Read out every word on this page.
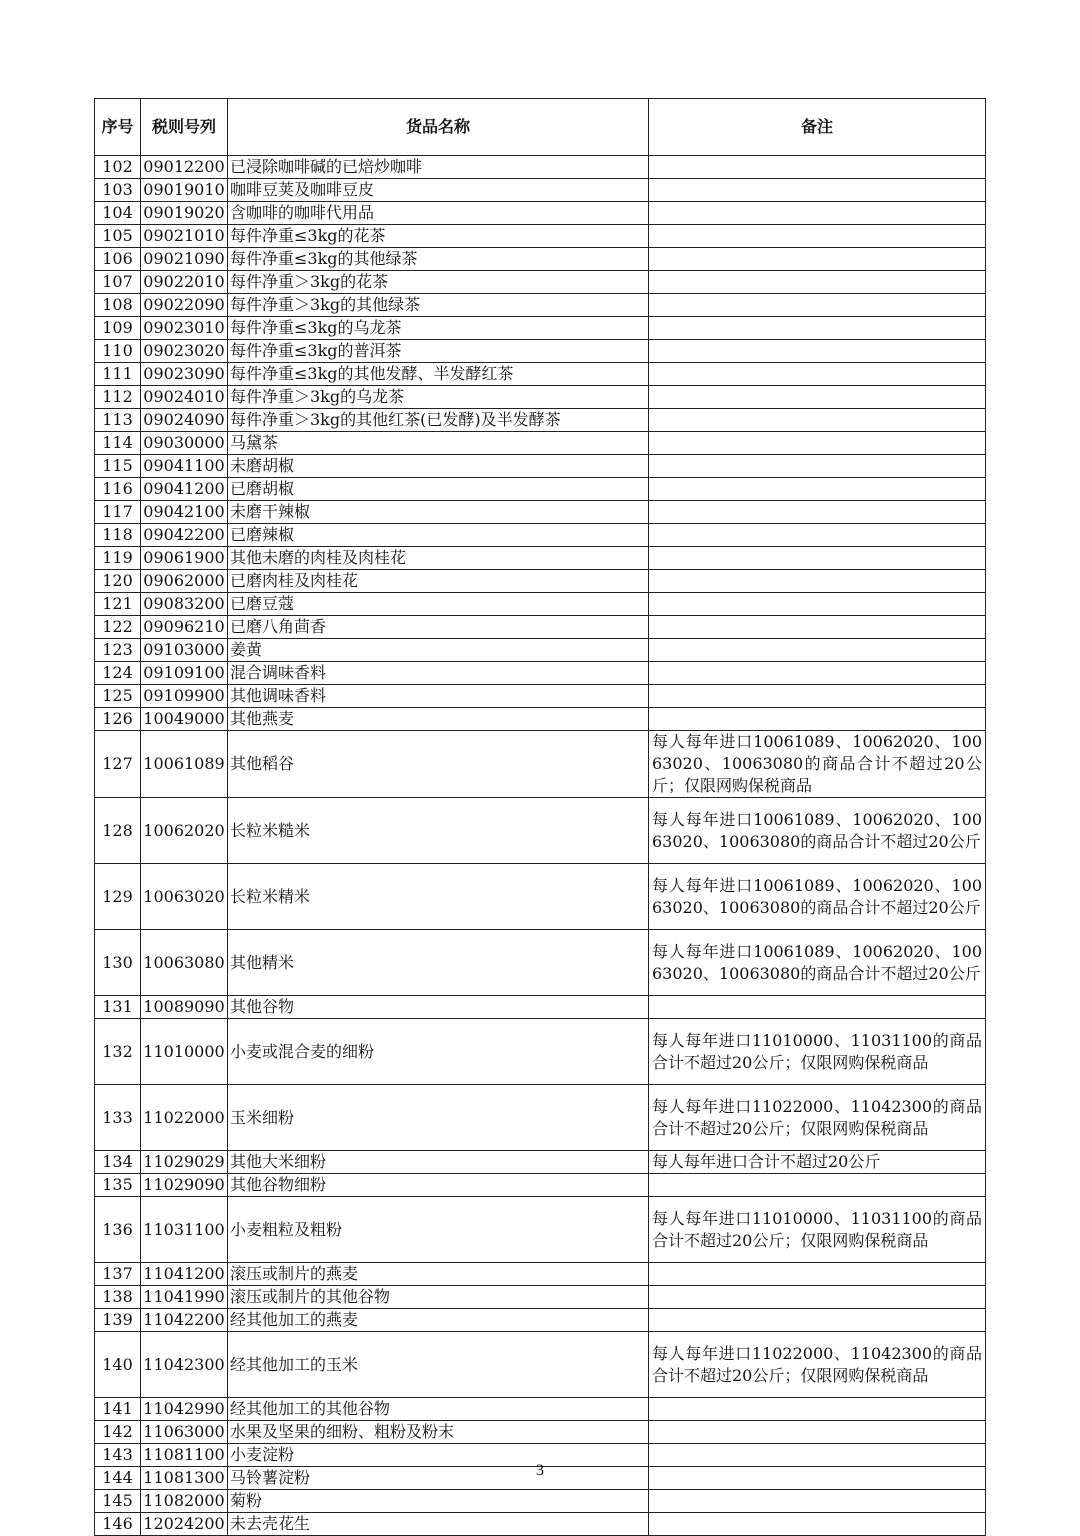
序号	税则号列	货品名称	备注
102	09012200	已浸除咖啡碱的已焙炒咖啡	
103	09019010	咖啡豆荚及咖啡豆皮	
104	09019020	含咖啡的咖啡代用品	
105	09021010	每件净重≤3kg的花茶	
106	09021090	每件净重≤3kg的其他绿茶	
107	09022010	每件净重＞3kg的花茶	
108	09022090	每件净重＞3kg的其他绿茶	
109	09023010	每件净重≤3kg的乌龙茶	
110	09023020	每件净重≤3kg的普洱茶	
111	09023090	每件净重≤3kg的其他发酵、半发酵红茶	
112	09024010	每件净重＞3kg的乌龙茶	
113	09024090	每件净重＞3kg的其他红茶(已发酵)及半发酵茶	
114	09030000	马黛茶	
115	09041100	未磨胡椒	
116	09041200	已磨胡椒	
117	09042100	未磨干辣椒	
118	09042200	已磨辣椒	
119	09061900	其他未磨的肉桂及肉桂花	
120	09062000	已磨肉桂及肉桂花	
121	09083200	已磨豆蔻	
122	09096210	已磨八角茴香	
123	09103000	姜黄	
124	09109100	混合调味香料	
125	09109900	其他调味香料	
126	10049000	其他燕麦	
127	10061089	其他稻谷	每人每年进口10061089、10062020、10063020、10063080的商品合计不超过20公斤；仅限网购保税商品
128	10062020	长粒米糙米	每人每年进口10061089、10062020、10063020、10063080的商品合计不超过20公斤
129	10063020	长粒米精米	每人每年进口10061089、10062020、10063020、10063080的商品合计不超过20公斤
130	10063080	其他精米	每人每年进口10061089、10062020、10063020、10063080的商品合计不超过20公斤
131	10089090	其他谷物	
132	11010000	小麦或混合麦的细粉	每人每年进口11010000、11031100的商品合计不超过20公斤；仅限网购保税商品
133	11022000	玉米细粉	每人每年进口11022000、11042300的商品合计不超过20公斤；仅限网购保税商品
134	11029029	其他大米细粉	每人每年进口合计不超过20公斤
135	11029090	其他谷物细粉	
136	11031100	小麦粗粒及粗粉	每人每年进口11010000、11031100的商品合计不超过20公斤；仅限网购保税商品
137	11041200	滚压或制片的燕麦	
138	11041990	滚压或制片的其他谷物	
139	11042200	经其他加工的燕麦	
140	11042300	经其他加工的玉米	每人每年进口11022000、11042300的商品合计不超过20公斤；仅限网购保税商品
141	11042990	经其他加工的其他谷物	
142	11063000	水果及坚果的细粉、粗粉及粉末	
143	11081100	小麦淀粉	
144	11081300	马铃薯淀粉	
145	11082000	菊粉	
146	12024200	未去壳花生	
3
